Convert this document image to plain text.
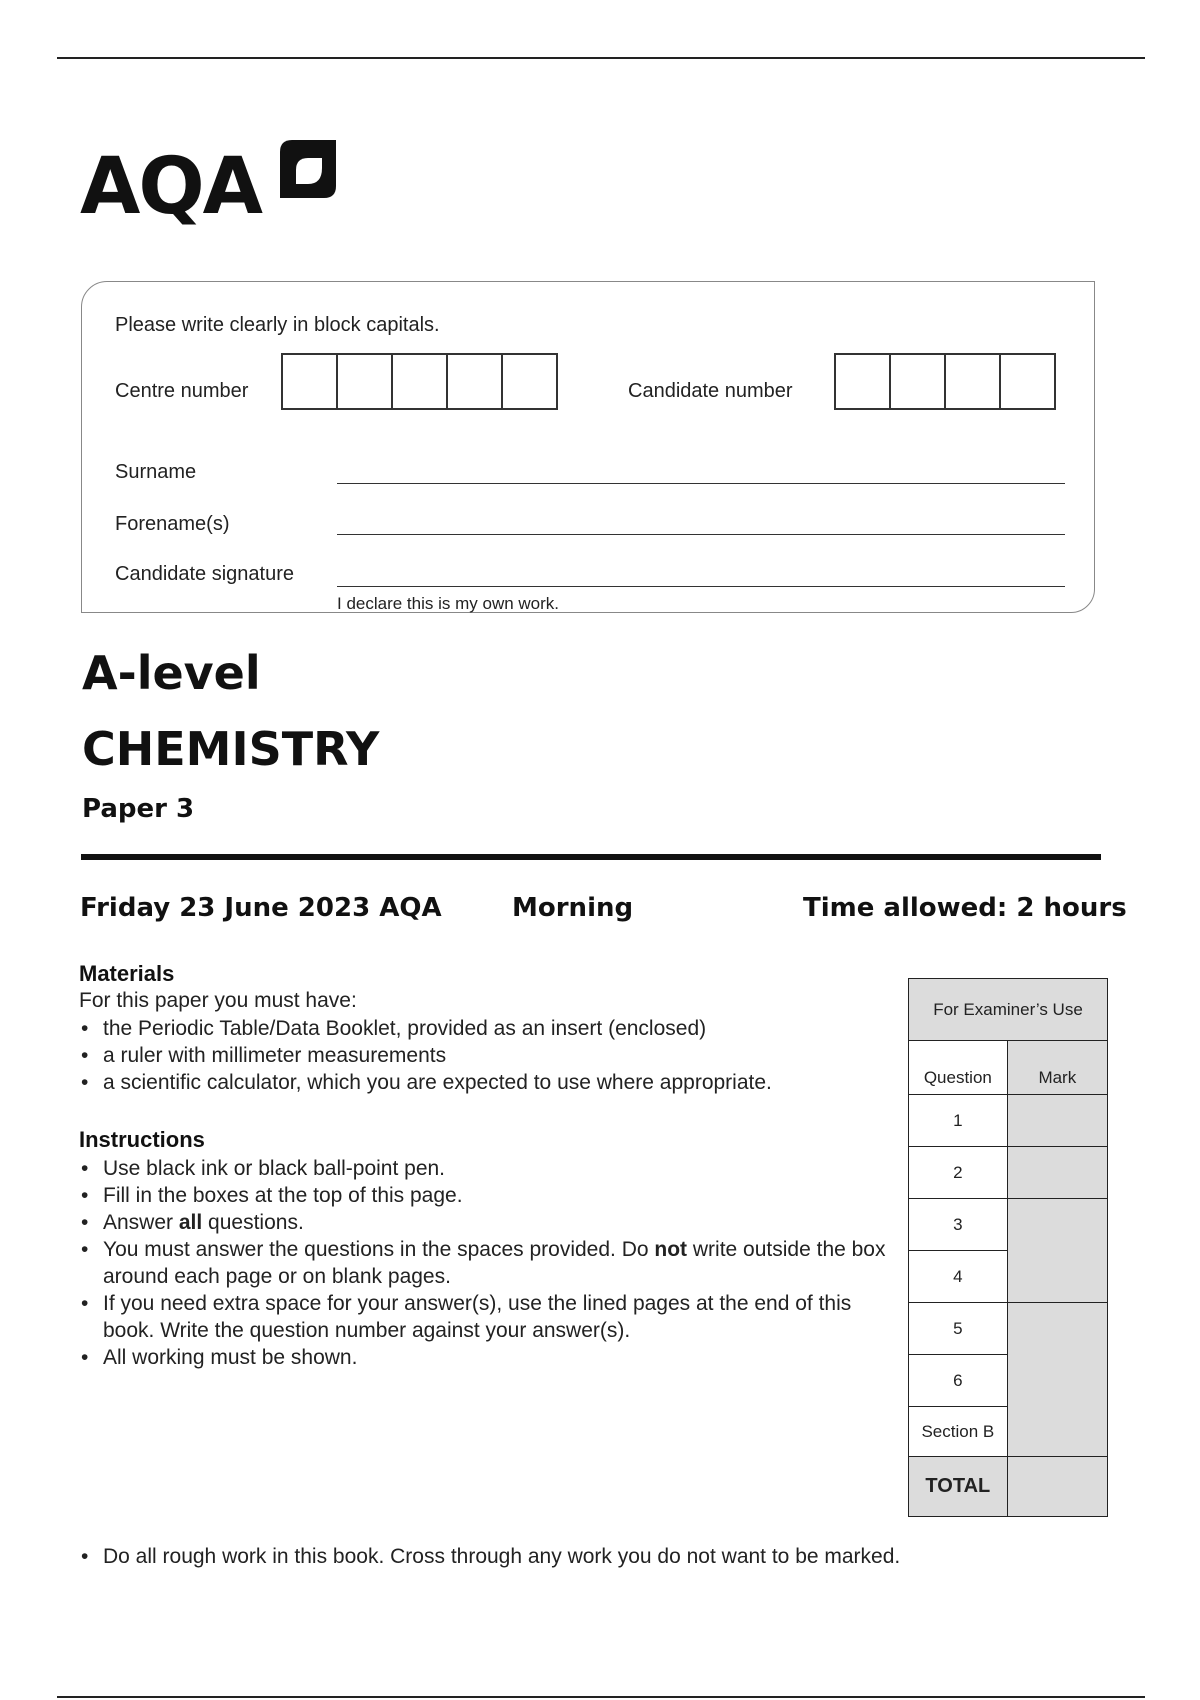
AQA
Please write clearly in block capitals.
Centre number	Candidate number
Surname
Forename(s)
Candidate signature
I declare this is my own work.
A-level
CHEMISTRY
Paper 3
Friday 23 June 2023 AQA	Morning	Time allowed: 2 hours
Materials
For this paper you must have:
• the Periodic Table/Data Booklet, provided as an insert (enclosed)
• a ruler with millimeter measurements
• a scientific calculator, which you are expected to use where appropriate.
Instructions
• Use black ink or black ball-point pen.
• Fill in the boxes at the top of this page.
• Answer all questions.
• You must answer the questions in the spaces provided. Do not write outside the box around each page or on blank pages.
• If you need extra space for your answer(s), use the lined pages at the end of this book. Write the question number against your answer(s).
• All working must be shown.
• Do all rough work in this book. Cross through any work you do not want to be marked.
For Examiner’s Use	
Question	Mark
1	
2	
3	
4	
5	
6	
Section B	
TOTAL	
